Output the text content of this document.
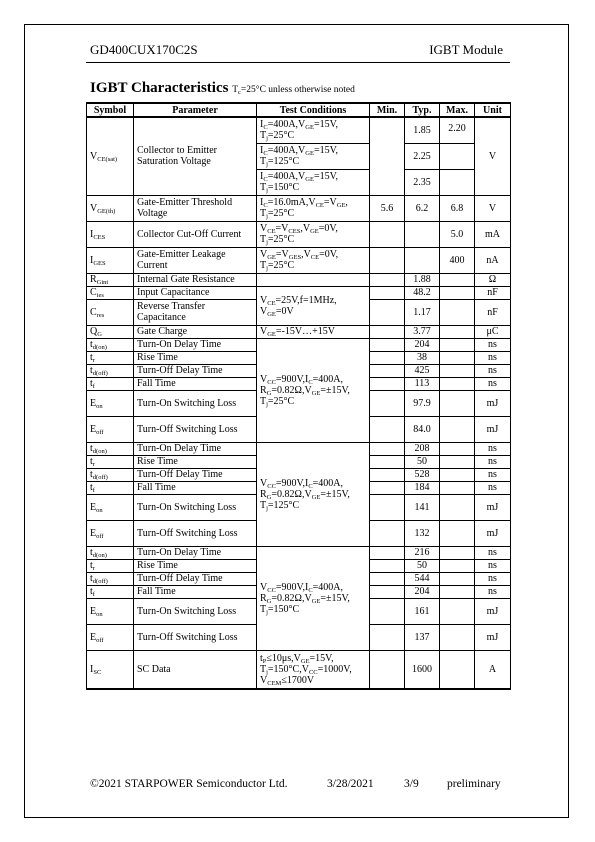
GD400CUX170C2S	IGBT Module
IGBT Characteristics $T_c=25^\circ C$ unless otherwise noted
Symbol	Parameter	Test Conditions	Min.	Typ.	Max.	Unit
$V_{CE(sat)}$	Collector to Emitter Saturation Voltage	$I_C=400A,V_{GE}=15V$, $T_j=25^\circ C$		1.85	2.20	V
		$I_C=400A,V_{GE}=15V$, $T_j=125^\circ C$		2.25		
		$I_C=400A,V_{GE}=15V$, $T_j=150^\circ C$		2.35		
$V_{GE(th)}$	Gate-Emitter Threshold Voltage	$I_C=16.0mA,V_{CE}=V_{GE}$, $T_j=25^\circ C$	5.6	6.2	6.8	V
$I_{CES}$	Collector Cut-Off Current	$V_{CE}=V_{CES},V_{GE}=0V$, $T_j=25^\circ C$			5.0	mA
$I_{GES}$	Gate-Emitter Leakage Current	$V_{GE}=V_{GES},V_{CE}=0V$, $T_j=25^\circ C$			400	nA
$R_{Gint}$	Internal Gate Resistance			1.88		Ω
$C_{ies}$	Input Capacitance	$V_{CE}=25V,f=1MHz$, $V_{GE}=0V$		48.2		nF
$C_{res}$	Reverse Transfer Capacitance			1.17		nF
$Q_G$	Gate Charge	$V_{GE}=-15V\dots+15V$		3.77		μC
$t_{d(on)}$	Turn-On Delay Time	$V_{CC}=900V,I_C=400A$, $R_G=0.82\Omega,V_{GE}=\pm 15V$, $T_j=25^\circ C$		204		ns
$t_r$	Rise Time			38		ns
$t_{d(off)}$	Turn-Off Delay Time			425		ns
$t_f$	Fall Time			113		ns
$E_{on}$	Turn-On Switching Loss			97.9		mJ
$E_{off}$	Turn-Off Switching Loss			84.0		mJ
$t_{d(on)}$	Turn-On Delay Time	$V_{CC}=900V,I_C=400A$, $R_G=0.82\Omega,V_{GE}=\pm 15V$, $T_j=125^\circ C$		208		ns
$t_r$	Rise Time			50		ns
$t_{d(off)}$	Turn-Off Delay Time			528		ns
$t_f$	Fall Time			184		ns
$E_{on}$	Turn-On Switching Loss			141		mJ
$E_{off}$	Turn-Off Switching Loss			132		mJ
$t_{d(on)}$	Turn-On Delay Time	$V_{CC}=900V,I_C=400A$, $R_G=0.82\Omega,V_{GE}=\pm 15V$, $T_j=150^\circ C$		216		ns
$t_r$	Rise Time			50		ns
$t_{d(off)}$	Turn-Off Delay Time			544		ns
$t_f$	Fall Time			204		ns
$E_{on}$	Turn-On Switching Loss			161		mJ
$E_{off}$	Turn-Off Switching Loss			137		mJ
$I_{SC}$	SC Data	$t_P\le 10\mu s,V_{GE}=15V$, $T_j=150^\circ C,V_{CC}=1000V$, $V_{CEM}\le 1700V$		1600		A
©2021 STARPOWER Semiconductor Ltd.	3/28/2021	3/9 preliminary
